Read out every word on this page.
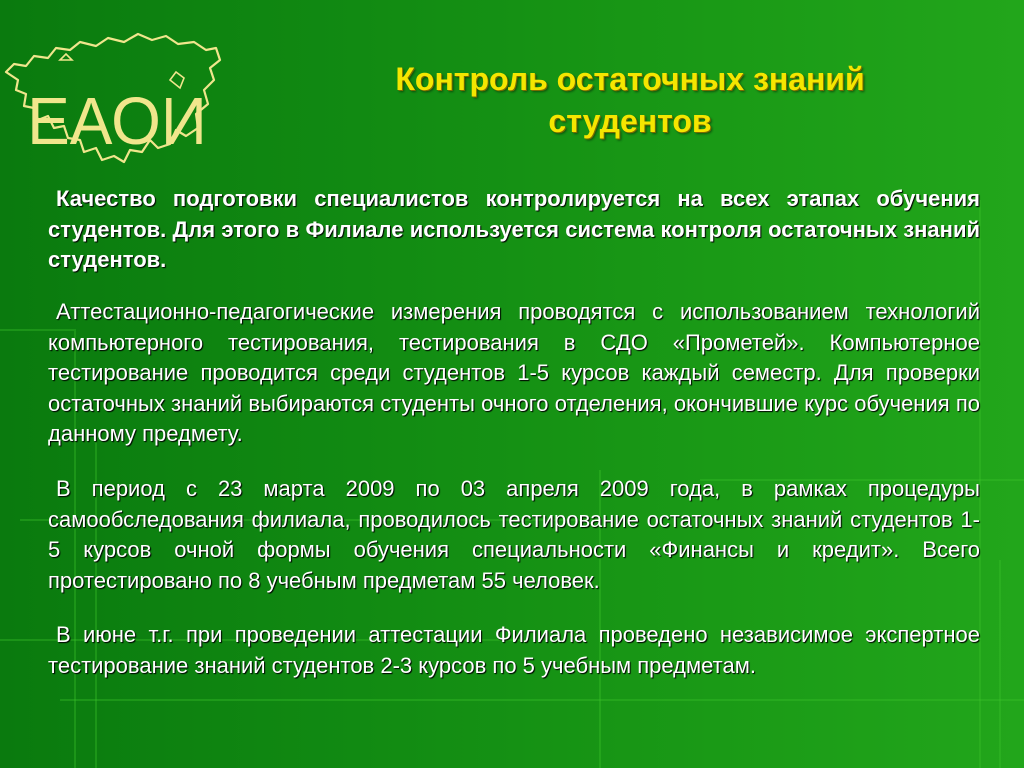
ЕАОИ
Контроль остаточных знаний
студентов
Качество подготовки специалистов контролируется на всех этапах обучения студентов. Для этого в Филиале используется система контроля остаточных знаний студентов.
Аттестационно-педагогические измерения проводятся с использованием технологий компьютерного тестирования, тестирования в СДО «Прометей». Компьютерное тестирование проводится среди студентов 1-5 курсов каждый семестр. Для проверки остаточных знаний выбираются студенты очного отделения, окончившие курс обучения по данному предмету.
В период с 23 марта 2009 по 03 апреля 2009 года, в рамках процедуры самообследования филиала, проводилось тестирование остаточных знаний студентов 1-5 курсов очной формы обучения специальности «Финансы и кредит». Всего протестировано по 8 учебным предметам 55 человек.
В июне т.г. при проведении аттестации Филиала проведено независимое экспертное тестирование знаний студентов 2-3 курсов по 5 учебным предметам.
